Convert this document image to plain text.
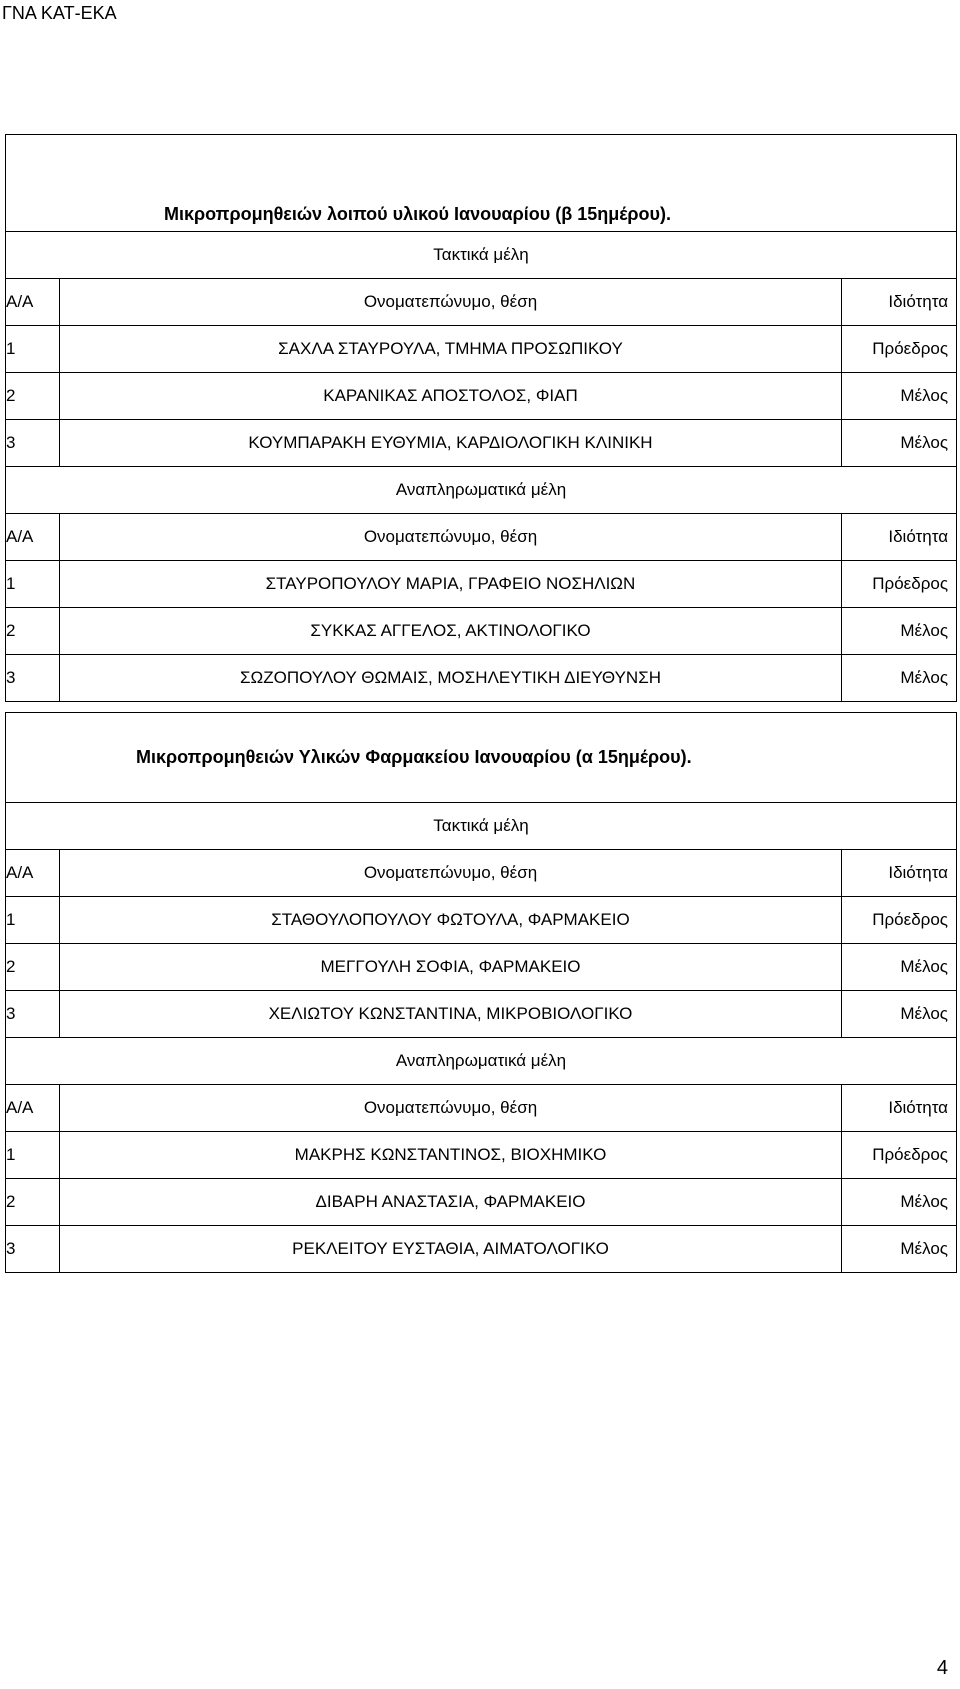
ΓΝΑ ΚΑΤ-ΕΚΑ
Μικροπρομηθειών λοιπού υλικού Ιανουαρίου (β 15ημέρου).		
Τακτικά μέλη		
Α/Α	Ονοματεπώνυμο, θέση	Ιδιότητα
1	ΣΑΧΛΑ ΣΤΑΥΡΟΥΛΑ, ΤΜΗΜΑ ΠΡΟΣΩΠΙΚΟΥ	Πρόεδρος
2	ΚΑΡΑΝΙΚΑΣ ΑΠΟΣΤΟΛΟΣ, ΦΙΑΠ	Μέλος
3	ΚΟΥΜΠΑΡΑΚΗ ΕΥΘΥΜΙΑ, ΚΑΡΔΙΟΛΟΓΙΚΗ ΚΛΙΝΙΚΗ	Μέλος
Αναπληρωματικά μέλη		
Α/Α	Ονοματεπώνυμο, θέση	Ιδιότητα
1	ΣΤΑΥΡΟΠΟΥΛΟΥ ΜΑΡΙΑ, ΓΡΑΦΕΙΟ ΝΟΣΗΛΙΩΝ	Πρόεδρος
2	ΣΥΚΚΑΣ ΑΓΓΕΛΟΣ, ΑΚΤΙΝΟΛΟΓΙΚΟ	Μέλος
3	ΣΩΖΟΠΟΥΛΟΥ ΘΩΜΑΙΣ, ΜΟΣΗΛΕΥΤΙΚΗ ΔΙΕΥΘΥΝΣΗ	Μέλος
Μικροπρομηθειών Υλικών Φαρμακείου Ιανουαρίου (α 15ημέρου).		
Τακτικά μέλη		
Α/Α	Ονοματεπώνυμο, θέση	Ιδιότητα
1	ΣΤΑΘΟΥΛΟΠΟΥΛΟΥ ΦΩΤΟΥΛΑ, ΦΑΡΜΑΚΕΙΟ	Πρόεδρος
2	ΜΕΓΓΟΥΛΗ ΣΟΦΙΑ, ΦΑΡΜΑΚΕΙΟ	Μέλος
3	ΧΕΛΙΩΤΟΥ ΚΩΝΣΤΑΝΤΙΝΑ, ΜΙΚΡΟΒΙΟΛΟΓΙΚΟ	Μέλος
Αναπληρωματικά μέλη		
Α/Α	Ονοματεπώνυμο, θέση	Ιδιότητα
1	ΜΑΚΡΗΣ ΚΩΝΣΤΑΝΤΙΝΟΣ, ΒΙΟΧΗΜΙΚΟ	Πρόεδρος
2	ΔΙΒΑΡΗ ΑΝΑΣΤΑΣΙΑ, ΦΑΡΜΑΚΕΙΟ	Μέλος
3	ΡΕΚΛΕΙΤΟΥ ΕΥΣΤΑΘΙΑ, ΑΙΜΑΤΟΛΟΓΙΚΟ	Μέλος
4
